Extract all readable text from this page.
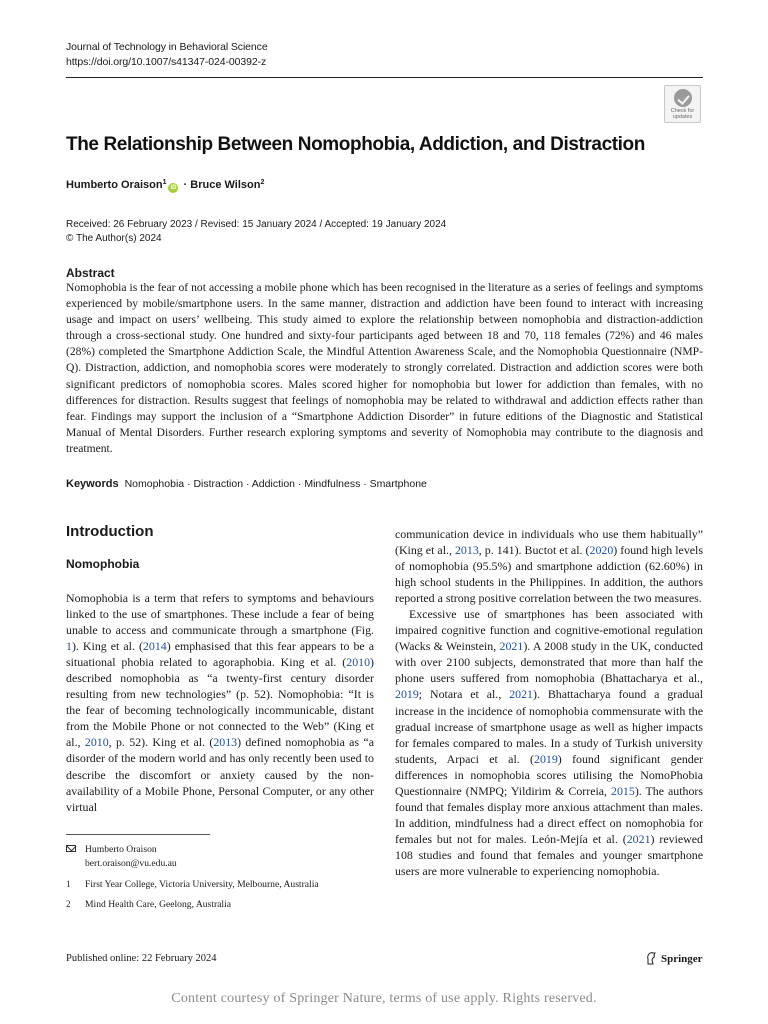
Journal of Technology in Behavioral Science
https://doi.org/10.1007/s41347-024-00392-z
Check for
updates
The Relationship Between Nomophobia, Addiction, and Distraction
Humberto Oraison$^1$iD · Bruce Wilson$^2$
Received: 26 February 2023 / Revised: 15 January 2024 / Accepted: 19 January 2024
© The Author(s) 2024
Abstract
Nomophobia is the fear of not accessing a mobile phone which has been recognised in the literature as a series of feelings and symptoms experienced by mobile/smartphone users. In the same manner, distraction and addiction have been found to interact with increasing usage and impact on users’ wellbeing. This study aimed to explore the relationship between nomophobia and distraction-addiction through a cross-sectional study. One hundred and sixty-four participants aged between 18 and 70, 118 females (72%) and 46 males (28%) completed the Smartphone Addiction Scale, the Mindful Attention Awareness Scale, and the Nomophobia Questionnaire (NMP-Q). Distraction, addiction, and nomophobia scores were moderately to strongly correlated. Distraction and addiction scores were both significant predictors of nomophobia scores. Males scored higher for nomophobia but lower for addiction than females, with no differences for distraction. Results suggest that feelings of nomophobia may be related to withdrawal and addiction effects rather than fear. Findings may support the inclusion of a “Smartphone Addiction Disorder” in future editions of the Diagnostic and Statistical Manual of Mental Disorders. Further research exploring symptoms and severity of Nomophobia may contribute to the diagnosis and treatment.
Keywords Nomophobia · Distraction · Addiction · Mindfulness · Smartphone
Introduction
Nomophobia

Nomophobia is a term that refers to symptoms and behaviours linked to the use of smartphones. These include a fear of being unable to access and communicate through a smartphone (Fig. 1). King et al. (2014) emphasised that this fear appears to be a situational phobia related to agoraphobia. King et al. (2010) described nomophobia as “a twenty-first century disorder resulting from new technologies” (p. 52). Nomophobia: “It is the fear of becoming technologically incommunicable, distant from the Mobile Phone or not connected to the Web” (King et al., 2010, p. 52). King et al. (2013) defined nomophobia as “a disorder of the modern world and has only recently been used to describe the discomfort or anxiety caused by the non-availability of a Mobile Phone, Personal Computer, or any other virtual

communication device in individuals who use them habitually” (King et al., 2013, p. 141). Buctot et al. (2020) found high levels of nomophobia (95.5%) and smartphone addiction (62.60%) in high school students in the Philippines. In addition, the authors reported a strong positive correlation between the two measures.

Excessive use of smartphones has been associated with impaired cognitive function and cognitive-emotional regulation (Wacks & Weinstein, 2021). A 2008 study in the UK, conducted with over 2100 subjects, demonstrated that more than half the phone users suffered from nomophobia (Bhattacharya et al., 2019; Notara et al., 2021). Bhattacharya found a gradual increase in the incidence of nomophobia commensurate with the gradual increase of smartphone usage as well as higher impacts for females compared to males. In a study of Turkish university students, Arpaci et al. (2019) found significant gender differences in nomophobia scores utilising the NomoPhobia Questionnaire (NMPQ; Yildirim & Correia, 2015). The authors found that females display more anxious attachment than males. In addition, mindfulness had a direct effect on nomophobia for females but not for males. León-Mejía et al. (2021) reviewed 108 studies and found that females and younger smartphone users are more vulnerable to experiencing nomophobia.

Humberto Oraison
bert.oraison@vu.edu.au
1	First Year College, Victoria University, Melbourne, Australia
2	Mind Health Care, Geelong, Australia
Published online: 22 February 2024	Springer
Content courtesy of Springer Nature, terms of use apply. Rights reserved.
